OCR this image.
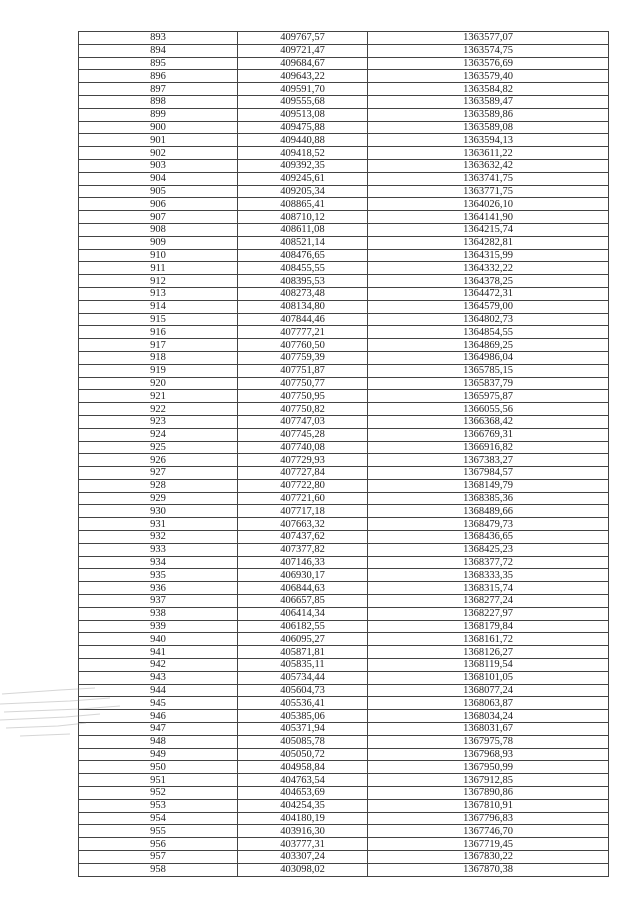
893	409767,57	1363577,07
894	409721,47	1363574,75
895	409684,67	1363576,69
896	409643,22	1363579,40
897	409591,70	1363584,82
898	409555,68	1363589,47
899	409513,08	1363589,86
900	409475,88	1363589,08
901	409440,88	1363594,13
902	409418,52	1363611,22
903	409392,35	1363632,42
904	409245,61	1363741,75
905	409205,34	1363771,75
906	408865,41	1364026,10
907	408710,12	1364141,90
908	408611,08	1364215,74
909	408521,14	1364282,81
910	408476,65	1364315,99
911	408455,55	1364332,22
912	408395,53	1364378,25
913	408273,48	1364472,31
914	408134,80	1364579,00
915	407844,46	1364802,73
916	407777,21	1364854,55
917	407760,50	1364869,25
918	407759,39	1364986,04
919	407751,87	1365785,15
920	407750,77	1365837,79
921	407750,95	1365975,87
922	407750,82	1366055,56
923	407747,03	1366368,42
924	407745,28	1366769,31
925	407740,08	1366916,82
926	407729,93	1367383,27
927	407727,84	1367984,57
928	407722,80	1368149,79
929	407721,60	1368385,36
930	407717,18	1368489,66
931	407663,32	1368479,73
932	407437,62	1368436,65
933	407377,82	1368425,23
934	407146,33	1368377,72
935	406930,17	1368333,35
936	406844,63	1368315,74
937	406657,85	1368277,24
938	406414,34	1368227,97
939	406182,55	1368179,84
940	406095,27	1368161,72
941	405871,81	1368126,27
942	405835,11	1368119,54
943	405734,44	1368101,05
944	405604,73	1368077,24
945	405536,41	1368063,87
946	405385,06	1368034,24
947	405371,94	1368031,67
948	405085,78	1367975,78
949	405050,72	1367968,93
950	404958,84	1367950,99
951	404763,54	1367912,85
952	404653,69	1367890,86
953	404254,35	1367810,91
954	404180,19	1367796,83
955	403916,30	1367746,70
956	403777,31	1367719,45
957	403307,24	1367830,22
958	403098,02	1367870,38
